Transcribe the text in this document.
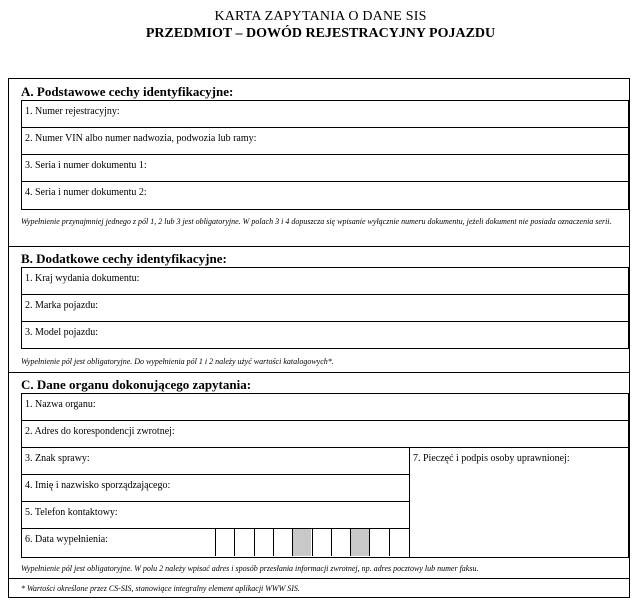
KARTA ZAPYTANIA O DANE SIS
PRZEDMIOT – DOWÓD REJESTRACYJNY POJAZDU
A. Podstawowe cechy identyfikacyjne:
1. Numer rejestracyjny:
2. Numer VIN albo numer nadwozia, podwozia lub ramy:
3. Seria i numer dokumentu 1:
4. Seria i numer dokumentu 2:
Wypełnienie przynajmniej jednego z pól 1, 2 lub 3 jest obligatoryjne. W polach 3 i 4 dopuszcza się wpisanie wyłącznie numeru dokumentu, jeżeli dokument nie posiada oznaczenia serii.
B. Dodatkowe cechy identyfikacyjne:
1. Kraj wydania dokumentu:
2. Marka pojazdu:
3. Model pojazdu:
Wypełnienie pól jest obligatoryjne. Do wypełnienia pól 1 i 2 należy użyć wartości katalogowych*.
C. Dane organu dokonującego zapytania:
1. Nazwa organu:
2. Adres do korespondencji zwrotnej:
3. Znak sprawy:
4. Imię i nazwisko sporządzającego:
5. Telefon kontaktowy:
6. Data wypełnienia:
7. Pieczęć i podpis osoby uprawnionej:
Wypełnienie pól jest obligatoryjne. W polu 2 należy wpisać adres i sposób przesłania informacji zwrotnej, np. adres pocztowy lub numer faksu.
* Wartości określone przez CS-SIS, stanowiące integralny element aplikacji WWW SIS.
